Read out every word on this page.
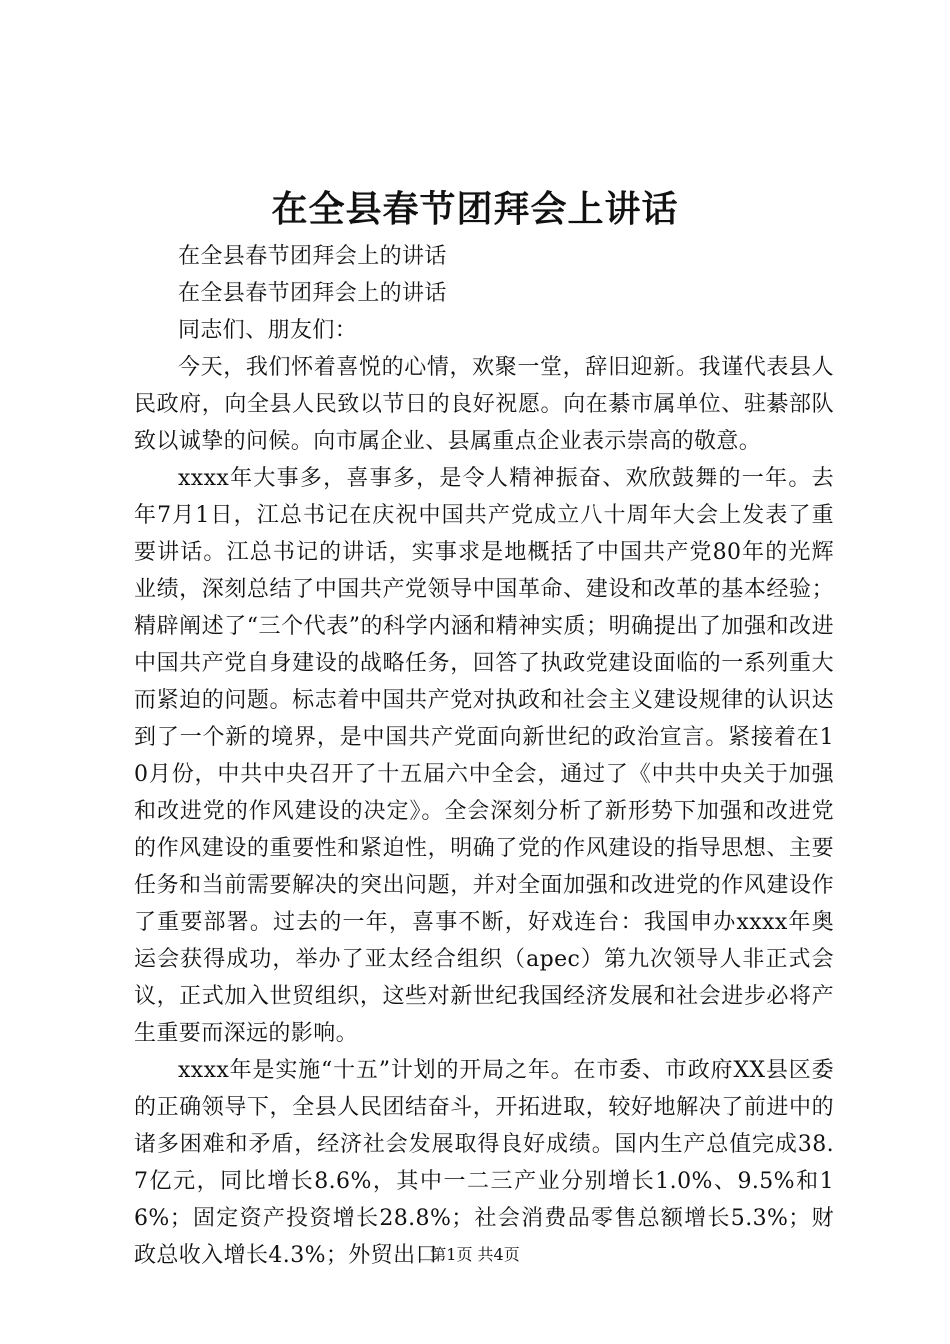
在全县春节团拜会上讲话

在全县春节团拜会上的讲话

在全县春节团拜会上的讲话

同志们、朋友们：

今天，我们怀着喜悦的心情，欢聚一堂，辞旧迎新。我谨代表县人民政府，向全县人民致以节日的良好祝愿。向在綦市属单位、驻綦部队致以诚挚的问候。向市属企业、县属重点企业表示崇高的敬意。

xxxx年大事多，喜事多，是令人精神振奋、欢欣鼓舞的一年。去年7月1日，江总书记在庆祝中国共产党成立八十周年大会上发表了重要讲话。江总书记的讲话，实事求是地概括了中国共产党80年的光辉业绩，深刻总结了中国共产党领导中国革命、建设和改革的基本经验；精辟阐述了“三个代表”的科学内涵和精神实质；明确提出了加强和改进中国共产党自身建设的战略任务，回答了执政党建设面临的一系列重大而紧迫的问题。标志着中国共产党对执政和社会主义建设规律的认识达到了一个新的境界，是中国共产党面向新世纪的政治宣言。紧接着在10月份，中共中央召开了十五届六中全会，通过了《中共中央关于加强和改进党的作风建设的决定》。全会深刻分析了新形势下加强和改进党的作风建设的重要性和紧迫性，明确了党的作风建设的指导思想、主要任务和当前需要解决的突出问题，并对全面加强和改进党的作风建设作了重要部署。过去的一年，喜事不断，好戏连台：我国申办xxxx年奥运会获得成功，举办了亚太经合组织（apec）第九次领导人非正式会议，正式加入世贸组织，这些对新世纪我国经济发展和社会进步必将产生重要而深远的影响。

xxxx年是实施“十五”计划的开局之年。在市委、市政府XX县区委的正确领导下，全县人民团结奋斗，开拓进取，较好地解决了前进中的诸多困难和矛盾，经济社会发展取得良好成绩。国内生产总值完成38.7亿元，同比增长8.6%，其中一二三产业分别增长1.0%、9.5%和16%；固定资产投资增长28.8%；社会消费品零售总额增长5.3%；财政总收入增长4.3%；外贸出口

第1页 共4页
